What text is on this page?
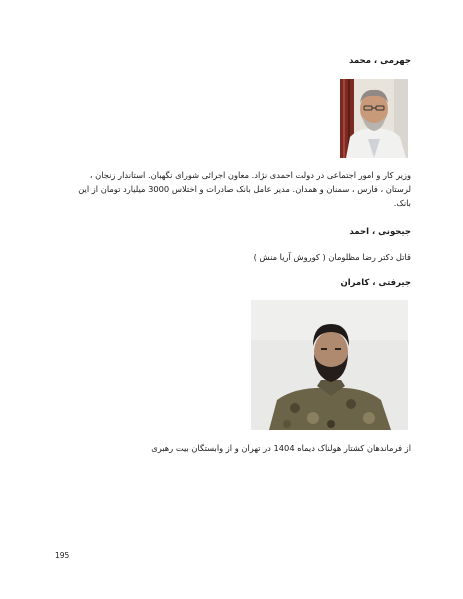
جهرمی ، محمد
وزیر کار و امور اجتماعی در دولت احمدی نژاد. معاون اجرائی شورای نگهبان. استاندار زنجان ،
لرستان ، فارس ، سمنان و همدان. مدیر عامل بانک صادرات و اختلاس 3000 میلیارد تومان از این
بانک.
جیحونی ، احمد
قاتل دکتر رضا مظلومان ( کوروش آریا منش )
جیرفتی ، کامران
از فرماندهان کشتار هولناک دیماه 1404 در تهران و از وابستگان بیت رهبری
195
